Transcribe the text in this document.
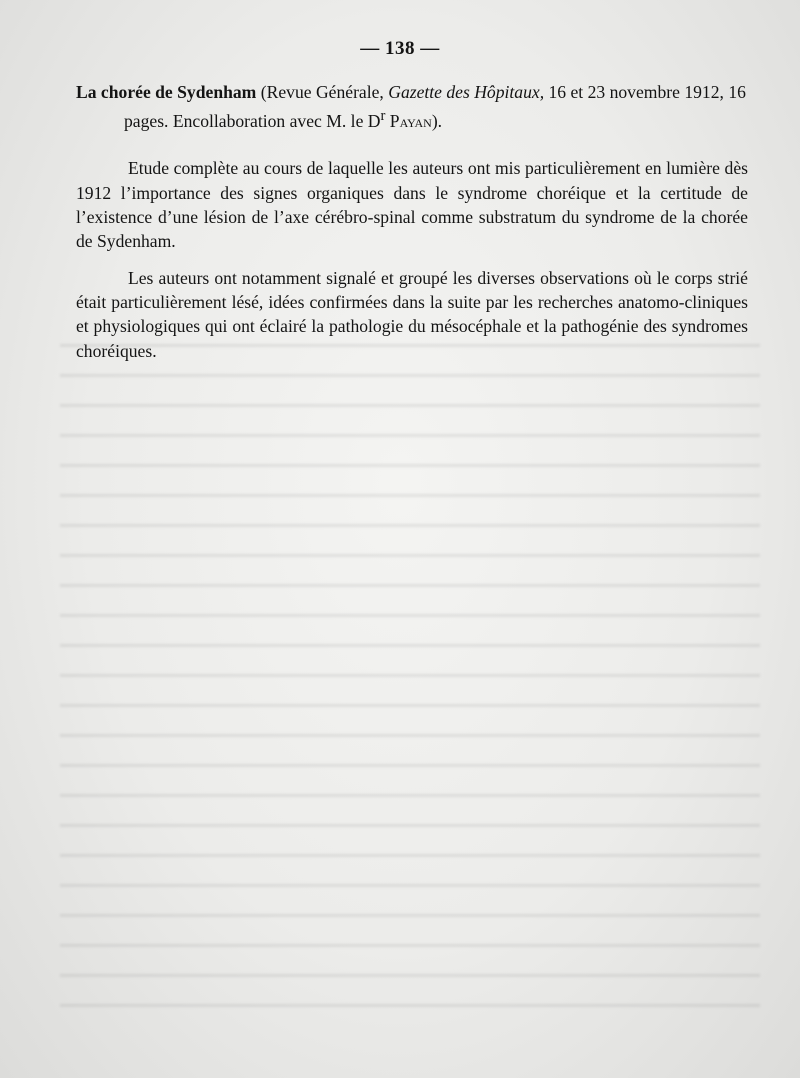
— 138 —

La chorée de Sydenham (Revue Générale, Gazette des Hôpitaux, 16 et 23 novembre 1912, 16 pages. Encollaboration avec M. le $D^r$ Payan).

Etude complète au cours de laquelle les auteurs ont mis particulièrement en lumière dès 1912 l’importance des signes organiques dans le syndrome choréique et la certitude de l’existence d’une lésion de l’axe cérébro-spinal comme substratum du syndrome de la chorée de Sydenham.

Les auteurs ont notamment signalé et groupé les diverses observations où le corps strié était particulièrement lésé, idées confirmées dans la suite par les recherches anatomo-cliniques et physiologiques qui ont éclairé la pathologie du mésocéphale et la pathogénie des syndromes choréiques.
